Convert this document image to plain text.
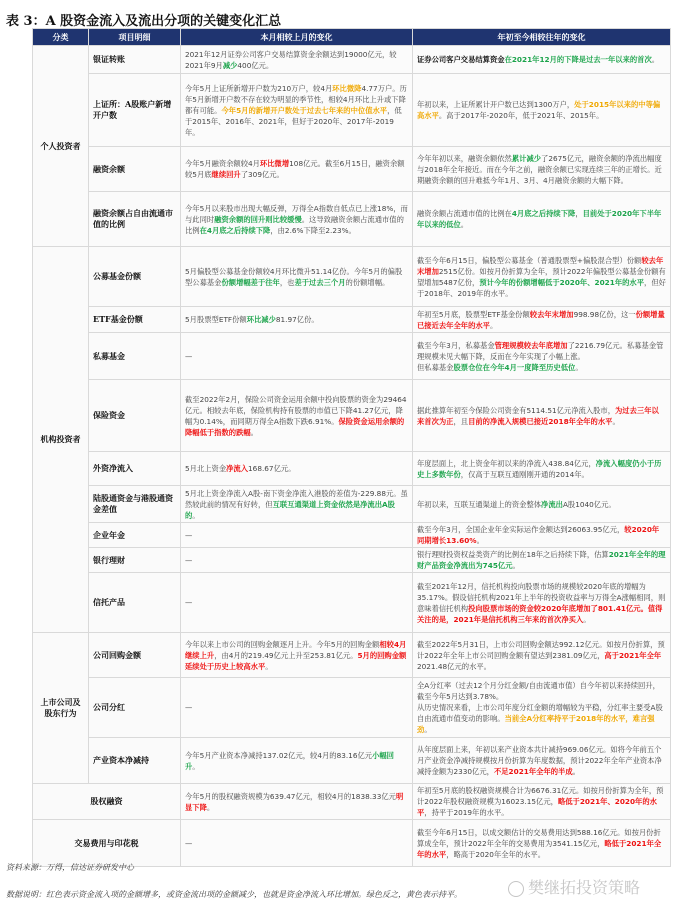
表 3：A 股资金流入及流出分项的关键变化汇总
分类	项目明细	本月相较上月的变化	年初至今相较往年的变化
个人投资者	银证转账	2021年12月证券公司客户交易结算资金余额达到19000亿元，较2021年9月减少400亿元。	证券公司客户交易结算资金在2021年12月的下降是过去一年以来的首次。
	上证所：A股账户新增开户数	今年5月上证所新增开户数为210万户，较4月环比微降4.77万户。历年5月新增开户数不存在较为明显的季节性，相较4月环比上升或下降都有可能。今年5月的新增开户数处于过去七年来的中位值水平，低于2015年、2016年、2021年，但好于2020年、2017年-2019年。	年初以来，上证所累计开户数已达到1300万户，处于2015年以来的中等偏高水平。高于2017年-2020年，低于2021年、2015年。
	融资余额	今年5月融资余额较4月环比微增108亿元。截至6月15日，融资余额较5月底继续回升了309亿元。	今年年初以来，融资余额依然累计减少了2675亿元，融资余额的净流出幅度与2018年全年接近。而在今年之前，融资余额已实现连续三年的正增长。近期融资余额的回升难抵今年1月、3月、4月融资余额的大幅下降。
	融资余额占自由流通市值的比例	今年5月以来股市出现大幅反弹，万得全A指数自低点已上涨18%，而与此同时融资余额的回升则比较缓慢。这导致融资余额占流通市值的比例在4月底之后持续下降，由2.6%下降至2.23%。	融资余额占流通市值的比例在4月底之后持续下降，目前处于2020年下半年年以来的低位。
机构投资者	公募基金份额	5月偏股型公募基金份额较4月环比微升51.14亿份。今年5月的偏股型公募基金份额增幅差于往年，也差于过去三个月的份额增幅。	截至今年6月15日，偏股型公募基金（普通股票型+偏股混合型）份额较去年末增加2515亿份。如按月份折算为全年，预计2022年偏股型公募基金份额有望增加5487亿份，预计今年的份额增幅低于2020年、2021年的水平，但好于2018年、2019年的水平。
	ETF基金份额	5月股票型ETF份额环比减少81.97亿份。	年初至5月底，股票型ETF基金份额较去年末增加998.98亿份，这一份额增量已接近去年全年的水平。
	私募基金	—	截至今年3月，私募基金管理规模较去年底增加了2216.79亿元。私募基金管理规模未见大幅下降，反而在今年实现了小幅上涨。
但私募基金股票仓位在今年4月一度降至历史低位。
	保险资金	截至2022年2月，保险公司资金运用余额中投向股票的资金为29464亿元。相较去年底，保险机构持有股票的市值已下降41.27亿元，降幅为0.14%，而同期万得全A指数下跌6.91%。保险资金运用余额的降幅低于指数的跌幅。	据此推算年初至今保险公司资金有5114.51亿元净流入股市，为过去三年以来首次为正，且目前的净流入规模已接近2018年全年的水平。
	外资净流入	5月北上资金净流入168.67亿元。	年度层面上，北上资金年初以来的净流入438.84亿元，净流入幅度仍小于历史上多数年份，仅高于互联互通刚刚开通的2014年。
	陆股通资金与港股通资金差值	5月北上资金净流入A股-南下资金净流入港股的差值为-229.88元。虽然较此前的情况有好转，但互联互通渠道上资金依然是净流出A股的。	年初以来，互联互通渠道上的资金整体净流出A股1040亿元。
	企业年金	—	截至今年3月，全国企业年金实际运作金额达到26063.95亿元，较2020年同期增长13.60%。
	银行理财	—	银行理财投资权益类资产的比例在18年之后持续下降，估算2021年全年的理财产品资金净流出为745亿元。
	信托产品	—	截至2021年12月，信托机构投向股票市场的规模较2020年底的增幅为35.17%。假设信托机构2021年上半年的投资收益率与万得全A涨幅相同，则意味着信托机构投向股票市场的资金较2020年底增加了801.41亿元。值得关注的是，2021年是信托机构三年来的首次净买入。
上市公司及股东行为	公司回购金额	今年以来上市公司的回购金额逐月上升。今年5月的回购金额相较4月继续上升，由4月的219.49亿元上升至253.81亿元。5月的回购金额延续处于历史上较高水平。	截至2022年5月31日，上市公司回购金额达992.12亿元。如按月份折算，预计2022年全年上市公司回购金额有望达到2381.09亿元，高于2021年全年2021.48亿元的水平。
	公司分红	—	全A分红率（过去12个月分红金额/自由流通市值）自今年初以来持续回升，截至今年5月达到3.78%。
从历史情况来看，上市公司年度分红金额的增幅较为平稳，分红率主要受A股自由流通市值变动的影响。当前全A分红率持平于2018年的水平，难言强劲。
	产业资本净减持	今年5月产业资本净减持137.02亿元，较4月的83.16亿元小幅回升。	从年度层面上来，年初以来产业资本共计减持969.06亿元。如将今年前五个月产业资金净减持规模按月份折算为年度数据，预计2022年全年产业资本净减持金额为2330亿元，不足2021年全年的半成。
股权融资		今年5月的股权融资规模为639.47亿元，相较4月的1838.33亿元明显下降。	年初至5月底的股权融资规模合计为6676.31亿元。如按月份折算为全年，预计2022年股权融资规模为16023.15亿元，略低于2021年、2020年的水平，持平于2019年的水平。
交易费用与印花税		—	截至今年6月15日，以成交额估计的交易费用达到588.16亿元。如按月份折算成全年，预计2022年全年的交易费用为3541.15亿元，略低于2021年全年的水平，略高于2020年全年的水平。
资料来源：万得，信达证券研发中心
樊继拓投资策略
数据说明：红色表示资金流入项的金额增多，或资金流出项的金额减少，也就是资金净流入环比增加。绿色反之，黄色表示持平。
